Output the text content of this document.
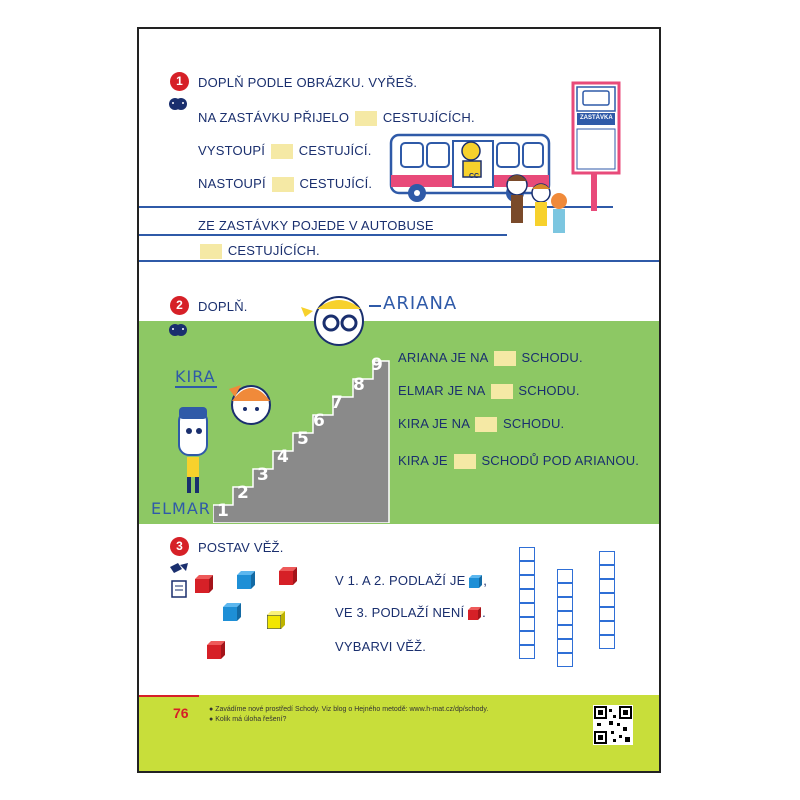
1	DOPLŇ PODLE OBRÁZKU. VYŘEŠ.
NA ZASTÁVKU PŘIJELO	CESTUJÍCÍCH.
VYSTOUPÍ	CESTUJÍCÍ.
NASTOUPÍ	CESTUJÍCÍ.
ZE ZASTÁVKY POJEDE V AUTOBUSE
CESTUJÍCÍCH.
CC
ZASTÁVKA
2	DOPLŇ.
1
2
3
4
5
6
7
8
9
ARIANA
KIRA
ELMAR
ARIANA JE NA	SCHODU.
ELMAR JE NA	SCHODU.
KIRA JE NA	SCHODU.
KIRA JE	SCHODŮ POD ARIANOU.
3	POSTAV VĚŽ.
V 1. A 2. PODLAŽÍ JE ,
VE 3. PODLAŽÍ NENÍ .
VYBARVI VĚŽ.
76	● Zavádíme nové prostředí Schody. Viz blog o Hejného metodě: www.h-mat.cz/dp/schody.
● Kolik má úloha řešení?
